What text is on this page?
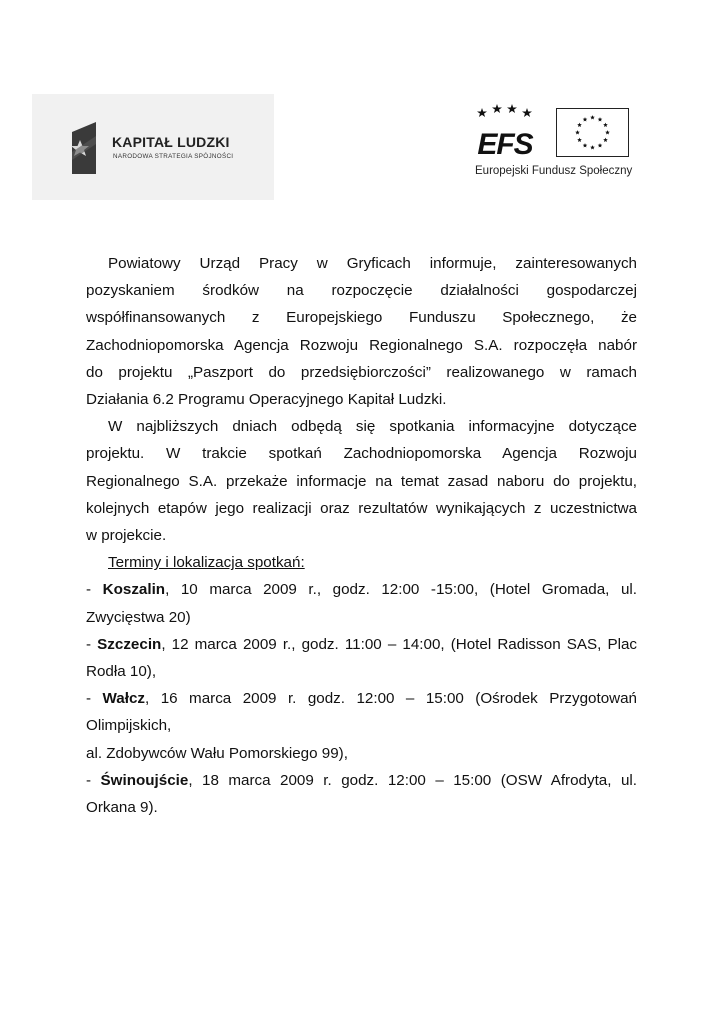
KAPITAŁ LUDZKI
NARODOWA STRATEGIA SPÓJNOŚCI	EFS
Europejski Fundusz Społeczny

Powiatowy Urząd Pracy w Gryficach informuje, zainteresowanych

pozyskaniem środków na rozpoczęcie działalności gospodarczej

współfinansowanych z Europejskiego Funduszu Społecznego, że

Zachodniopomorska Agencja Rozwoju Regionalnego S.A. rozpoczęła nabór

do projektu „Paszport do przedsiębiorczości” realizowanego w ramach

Działania 6.2 Programu Operacyjnego Kapitał Ludzki.

W najbliższych dniach odbędą się spotkania informacyjne dotyczące

projektu. W trakcie spotkań Zachodniopomorska Agencja Rozwoju

Regionalnego S.A. przekaże informacje na temat zasad naboru do projektu,

kolejnych etapów jego realizacji oraz rezultatów wynikających z uczestnictwa

w projekcie.

Terminy i lokalizacja spotkań:

- Koszalin, 10 marca 2009 r., godz. 12:00 -15:00, (Hotel Gromada, ul.

Zwycięstwa 20)

- Szczecin, 12 marca 2009 r., godz. 11:00 – 14:00, (Hotel Radisson SAS, Plac

Rodła 10),

- Wałcz, 16 marca 2009 r. godz. 12:00 – 15:00 (Ośrodek Przygotowań

Olimpijskich,

al. Zdobywców Wału Pomorskiego 99),

- Świnoujście, 18 marca 2009 r. godz. 12:00 – 15:00 (OSW Afrodyta, ul.

Orkana 9).
